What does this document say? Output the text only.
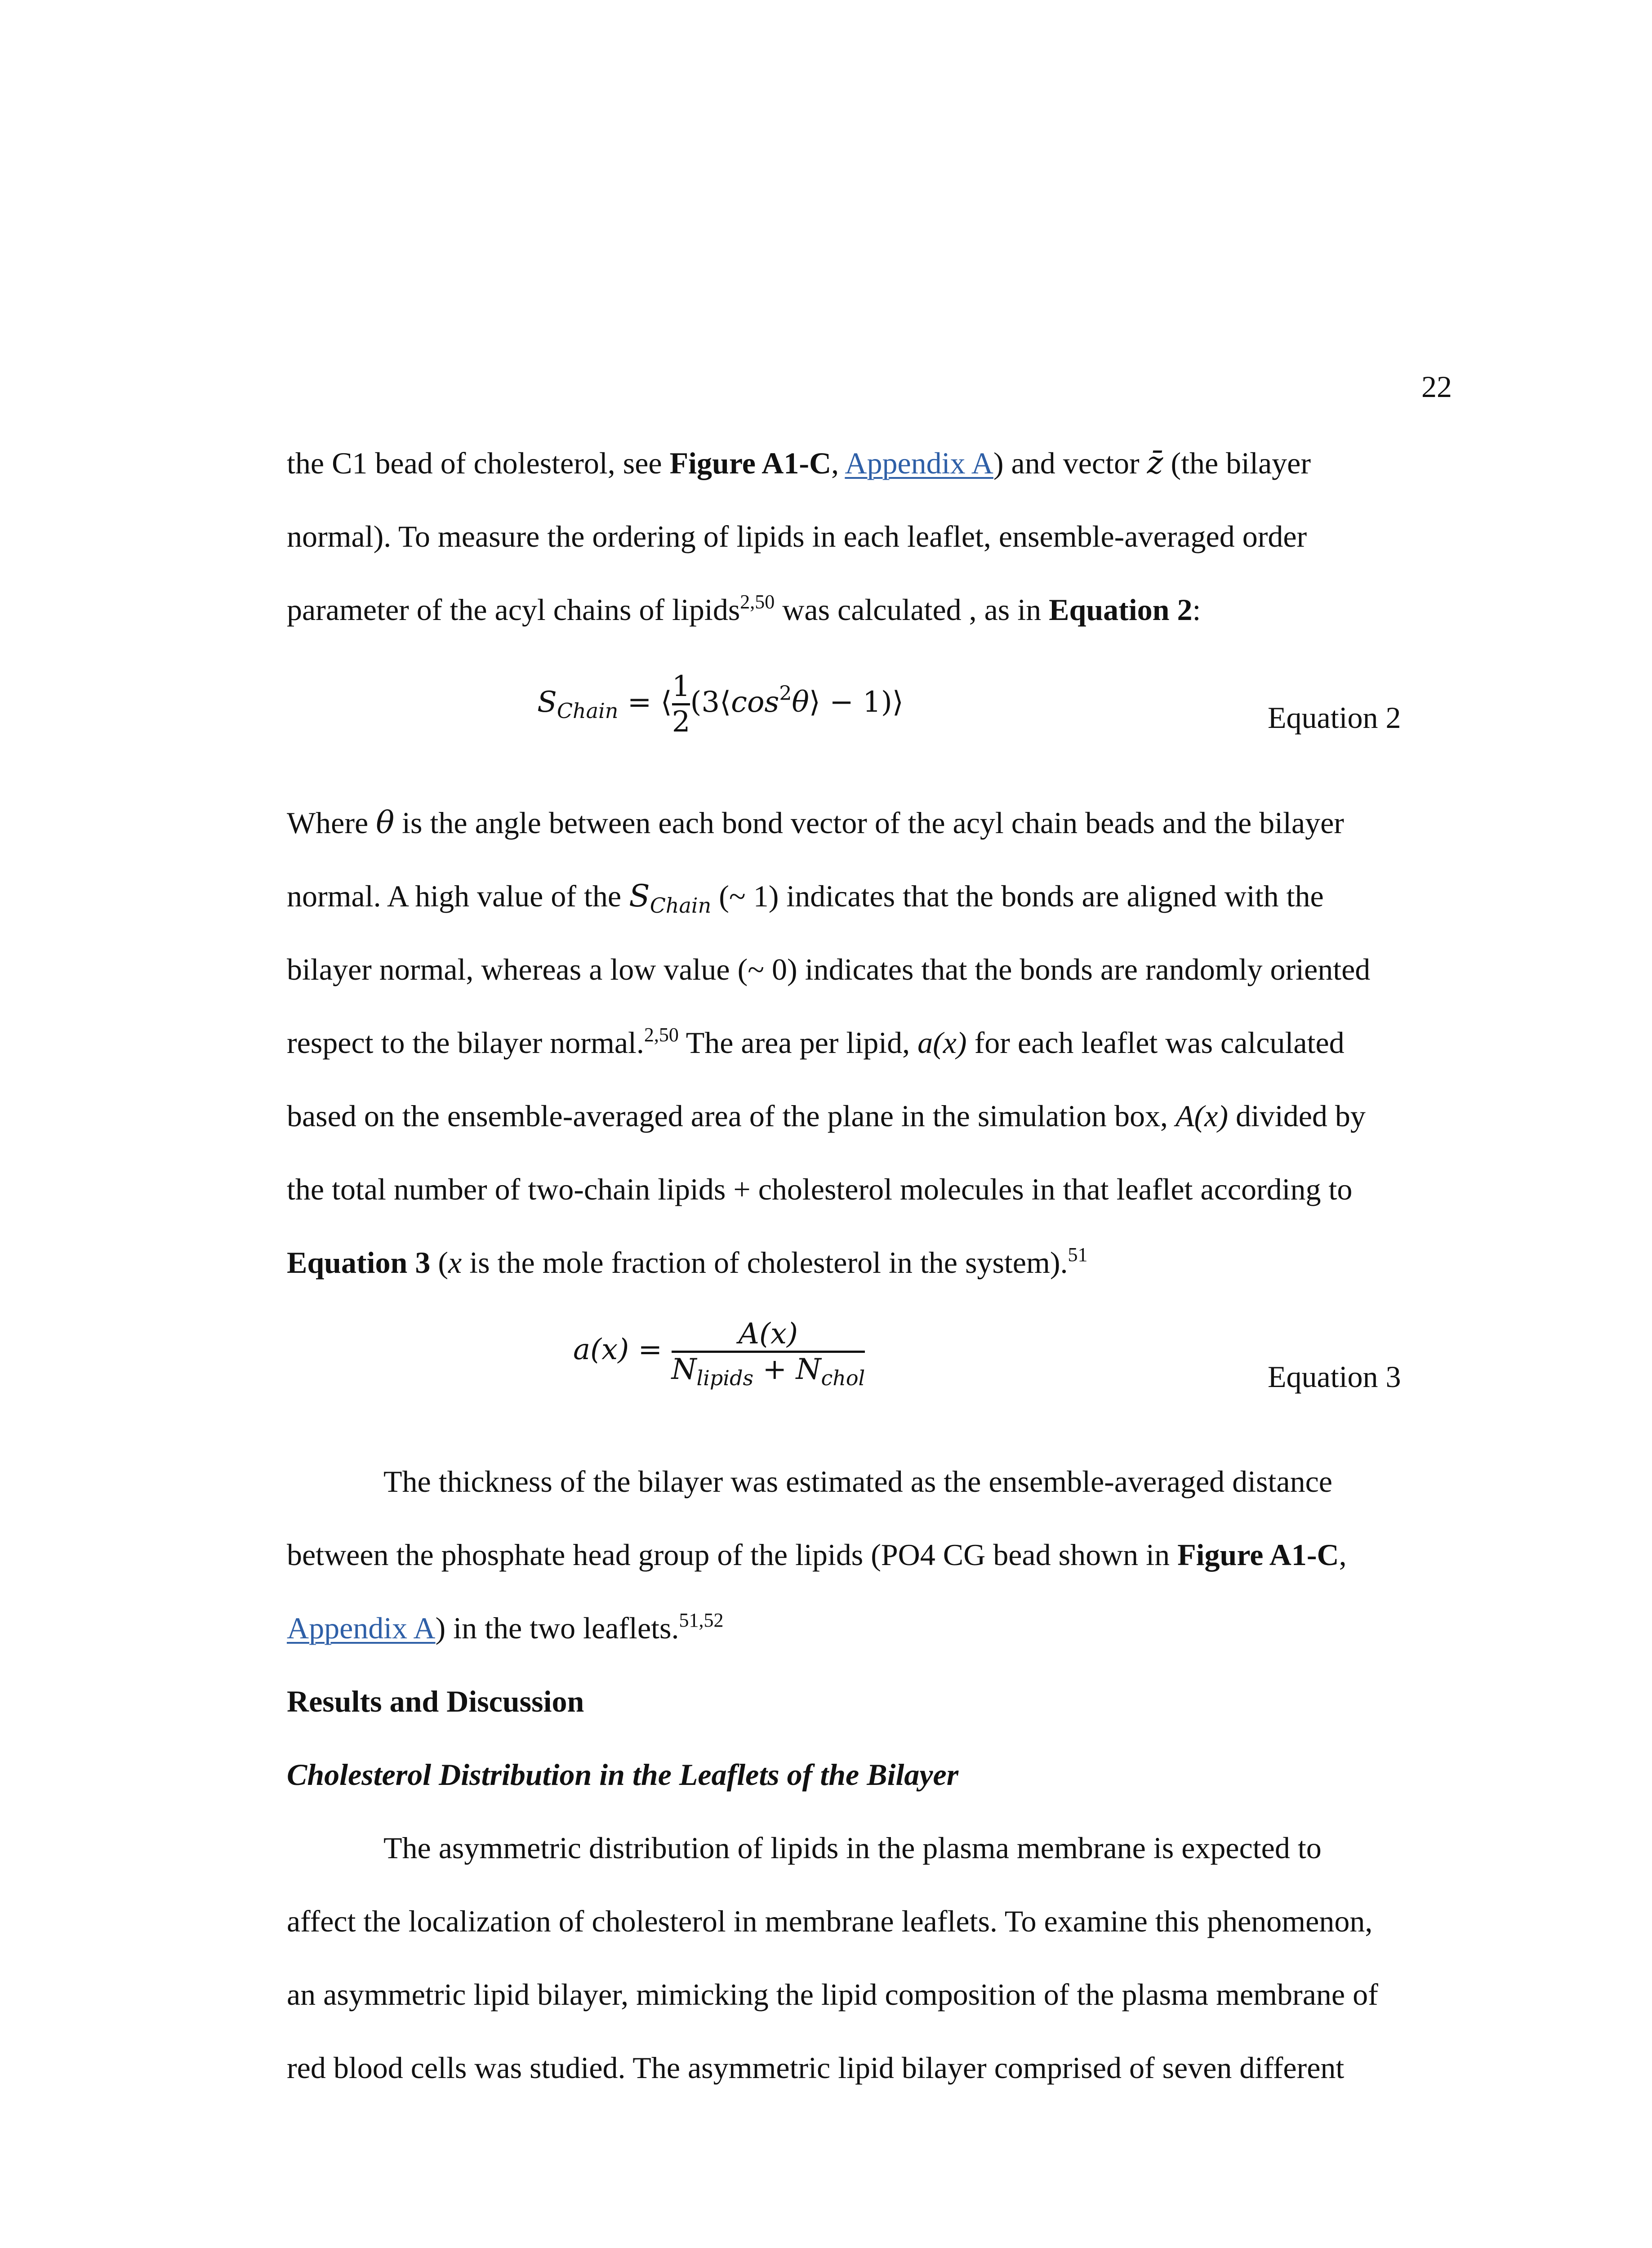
22
the C1 bead of cholesterol, see Figure A1-C, Appendix A) and vector z̄ (the bilayer
normal). To measure the ordering of lipids in each leaflet, ensemble-averaged order
parameter of the acyl chains of lipids$^{2,50}$ was calculated , as in Equation 2:
$S_{Chain}$ = ⟨ 1
2
($3⟨\cos^2\theta⟩$ − 1)⟩	Equation 2
Where θ is the angle between each bond vector of the acyl chain beads and the bilayer
normal. A high value of the $S_{Chain}$ (~ 1) indicates that the bonds are aligned with the
bilayer normal, whereas a low value (~ 0) indicates that the bonds are randomly oriented
respect to the bilayer normal.$^{2,50}$ The area per lipid, a(x) for each leaflet was calculated
based on the ensemble-averaged area of the plane in the simulation box, A(x) divided by
the total number of two-chain lipids + cholesterol molecules in that leaflet according to
Equation 3 (x is the mole fraction of cholesterol in the system).$^{51}$
a(x) =	A(x)
$N_{lipids} + N_{chol}$	Equation 3
The thickness of the bilayer was estimated as the ensemble-averaged distance
between the phosphate head group of the lipids (PO4 CG bead shown in Figure A1-C,
Appendix A) in the two leaflets.$^{51,52}$
Results and Discussion
Cholesterol Distribution in the Leaflets of the Bilayer
The asymmetric distribution of lipids in the plasma membrane is expected to
affect the localization of cholesterol in membrane leaflets. To examine this phenomenon,
an asymmetric lipid bilayer, mimicking the lipid composition of the plasma membrane of
red blood cells was studied. The asymmetric lipid bilayer comprised of seven different
